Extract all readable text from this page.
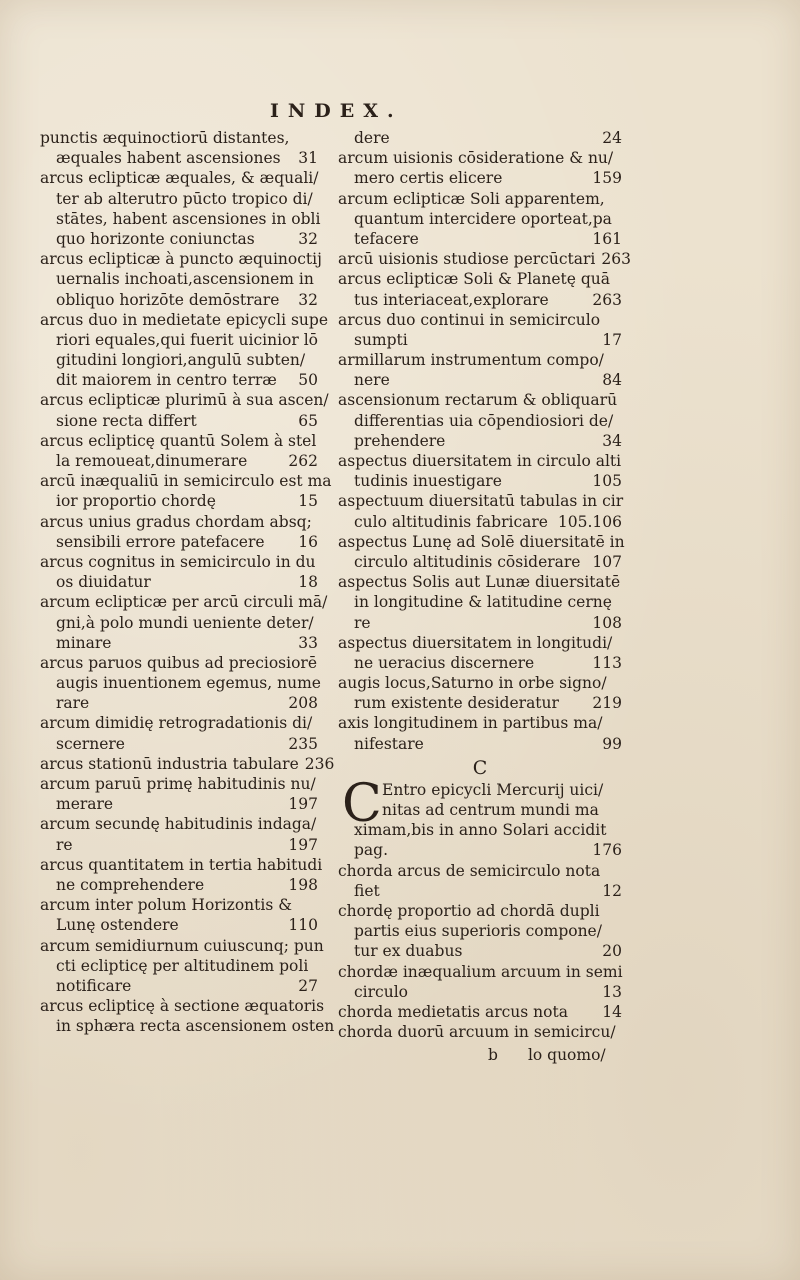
INDEX.
punctis æquinoctiorū distantes,
æquales habent ascensiones	31
arcus eclipticæ æquales, & æquali/
ter ab alterutro pūcto tropico di/
stātes, habent ascensiones in obli
quo horizonte coniunctas	32
arcus eclipticæ à puncto æquinoctij
uernalis inchoati,ascensionem in
obliquo horizōte demōstrare	32
arcus duo in medietate epicycli supe
riori equales,qui fuerit uicinior lō
gitudini longiori,angulū subten/
dit maiorem in centro terræ	50
arcus eclipticæ plurimū à sua ascen/
sione recta differt	65
arcus eclipticę quantū Solem à stel
la remoueat,dinumerare	262
arcū inæqualiū in semicirculo est ma
ior proportio chordę	15
arcus unius gradus chordam absq;
sensibili errore patefacere	16
arcus cognitus in semicirculo in du
os diuidatur	18
arcum eclipticæ per arcū circuli mā/
gni,à polo mundi ueniente deter/
minare	33
arcus paruos quibus ad preciosiorē
augis inuentionem egemus, nume
rare	208
arcum dimidię retrogradationis di/
scernere	235
arcus stationū industria tabulare 236
arcum paruū primę habitudinis nu/
merare	197
arcum secundę habitudinis indaga/
re	197
arcus quantitatem in tertia habitudi
ne comprehendere	198
arcum inter polum Horizontis &
Lunę ostendere	110
arcum semidiurnum cuiuscunq; pun
cti eclipticę per altitudinem poli
notificare	27
arcus eclipticę à sectione æquatoris
in sphæra recta ascensionem osten
dere	24
arcum uisionis cōsideratione & nu/
mero certis elicere	159
arcum eclipticæ Soli apparentem,
quantum intercidere oporteat,pa
tefacere	161
arcū uisionis studiose percūctari 263
arcus eclipticæ Soli & Planetę quā
tus interiaceat,explorare	263
arcus duo continui in semicirculo
sumpti	17
armillarum instrumentum compo/
nere	84
ascensionum rectarum & obliquarū
differentias uia cōpendiosiori de/
prehendere	34
aspectus diuersitatem in circulo alti
tudinis inuestigare	105
aspectuum diuersitatū tabulas in cir
culo altitudinis fabricare 105.106
aspectus Lunę ad Solē diuersitatē in
circulo altitudinis cōsiderare 107
aspectus Solis aut Lunæ diuersitatē
in longitudine & latitudine cernę
re	108
aspectus diuersitatem in longitudi/
ne ueracius discernere	113
augis locus,Saturno in orbe signo/
rum existente desideratur	219
axis longitudinem in partibus ma/
nifestare	99
C
C Entro epicycli Mercurij uici/
nitas ad centrum mundi ma
ximam,bis in anno Solari accidit
pag.	176
chorda arcus de semicirculo nota
fiet	12
chordę proportio ad chordā dupli
partis eius superioris compone/
tur ex duabus	20
chordæ inæqualium arcuum in semi
circulo	13
chorda medietatis arcus nota	14
chorda duorū arcuum in semicircu/
b lo quomo/
